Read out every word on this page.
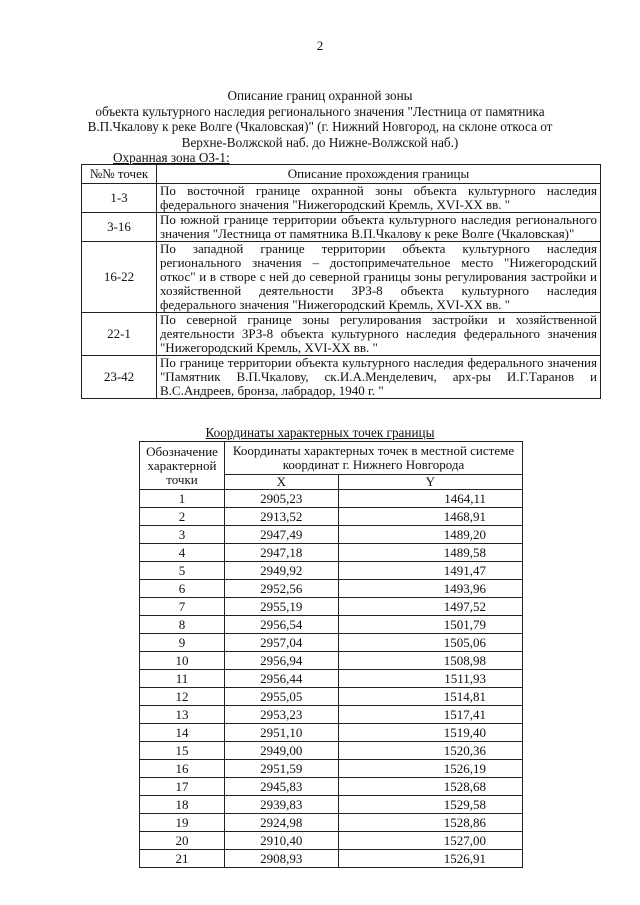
2
Описание границ охранной зоны
объекта культурного наследия регионального значения "Лестница от памятника
В.П.Чкалову к реке Волге (Чкаловская)" (г. Нижний Новгород, на склоне откоса от
Верхне-Волжской наб. до Нижне-Волжской наб.)
Охранная зона ОЗ-1:
№№ точек	Описание прохождения границы
1-3	По восточной границе охранной зоны объекта культурного наследия федерального значения "Нижегородский Кремль, XVI-XX вв. "
3-16	По южной границе территории объекта культурного наследия регионального значения "Лестница от памятника В.П.Чкалову к реке Волге (Чкаловская)"
16-22	По западной границе территории объекта культурного наследия регионального значения – достопримечательное место "Нижегородский откос" и в створе с ней до северной границы зоны регулирования застройки и хозяйственной деятельности ЗРЗ-8 объекта культурного наследия федерального значения "Нижегородский Кремль, XVI-XX вв. "
22-1	По северной границе зоны регулирования застройки и хозяйственной деятельности ЗРЗ-8 объекта культурного наследия федерального значения "Нижегородский Кремль, XVI-XX вв. "
23-42	По границе территории объекта культурного наследия федерального значения "Памятник В.П.Чкалову, ск.И.А.Менделевич, арх-ры И.Г.Таранов и В.С.Андреев, бронза, лабрадор, 1940 г. "
Координаты характерных точек границы
Обозначение характерной точки	Координаты характерных точек в местной системе координат г. Нижнего Новгорода	
	X	Y
1	2905,23	1464,11
2	2913,52	1468,91
3	2947,49	1489,20
4	2947,18	1489,58
5	2949,92	1491,47
6	2952,56	1493,96
7	2955,19	1497,52
8	2956,54	1501,79
9	2957,04	1505,06
10	2956,94	1508,98
11	2956,44	1511,93
12	2955,05	1514,81
13	2953,23	1517,41
14	2951,10	1519,40
15	2949,00	1520,36
16	2951,59	1526,19
17	2945,83	1528,68
18	2939,83	1529,58
19	2924,98	1528,86
20	2910,40	1527,00
21	2908,93	1526,91
